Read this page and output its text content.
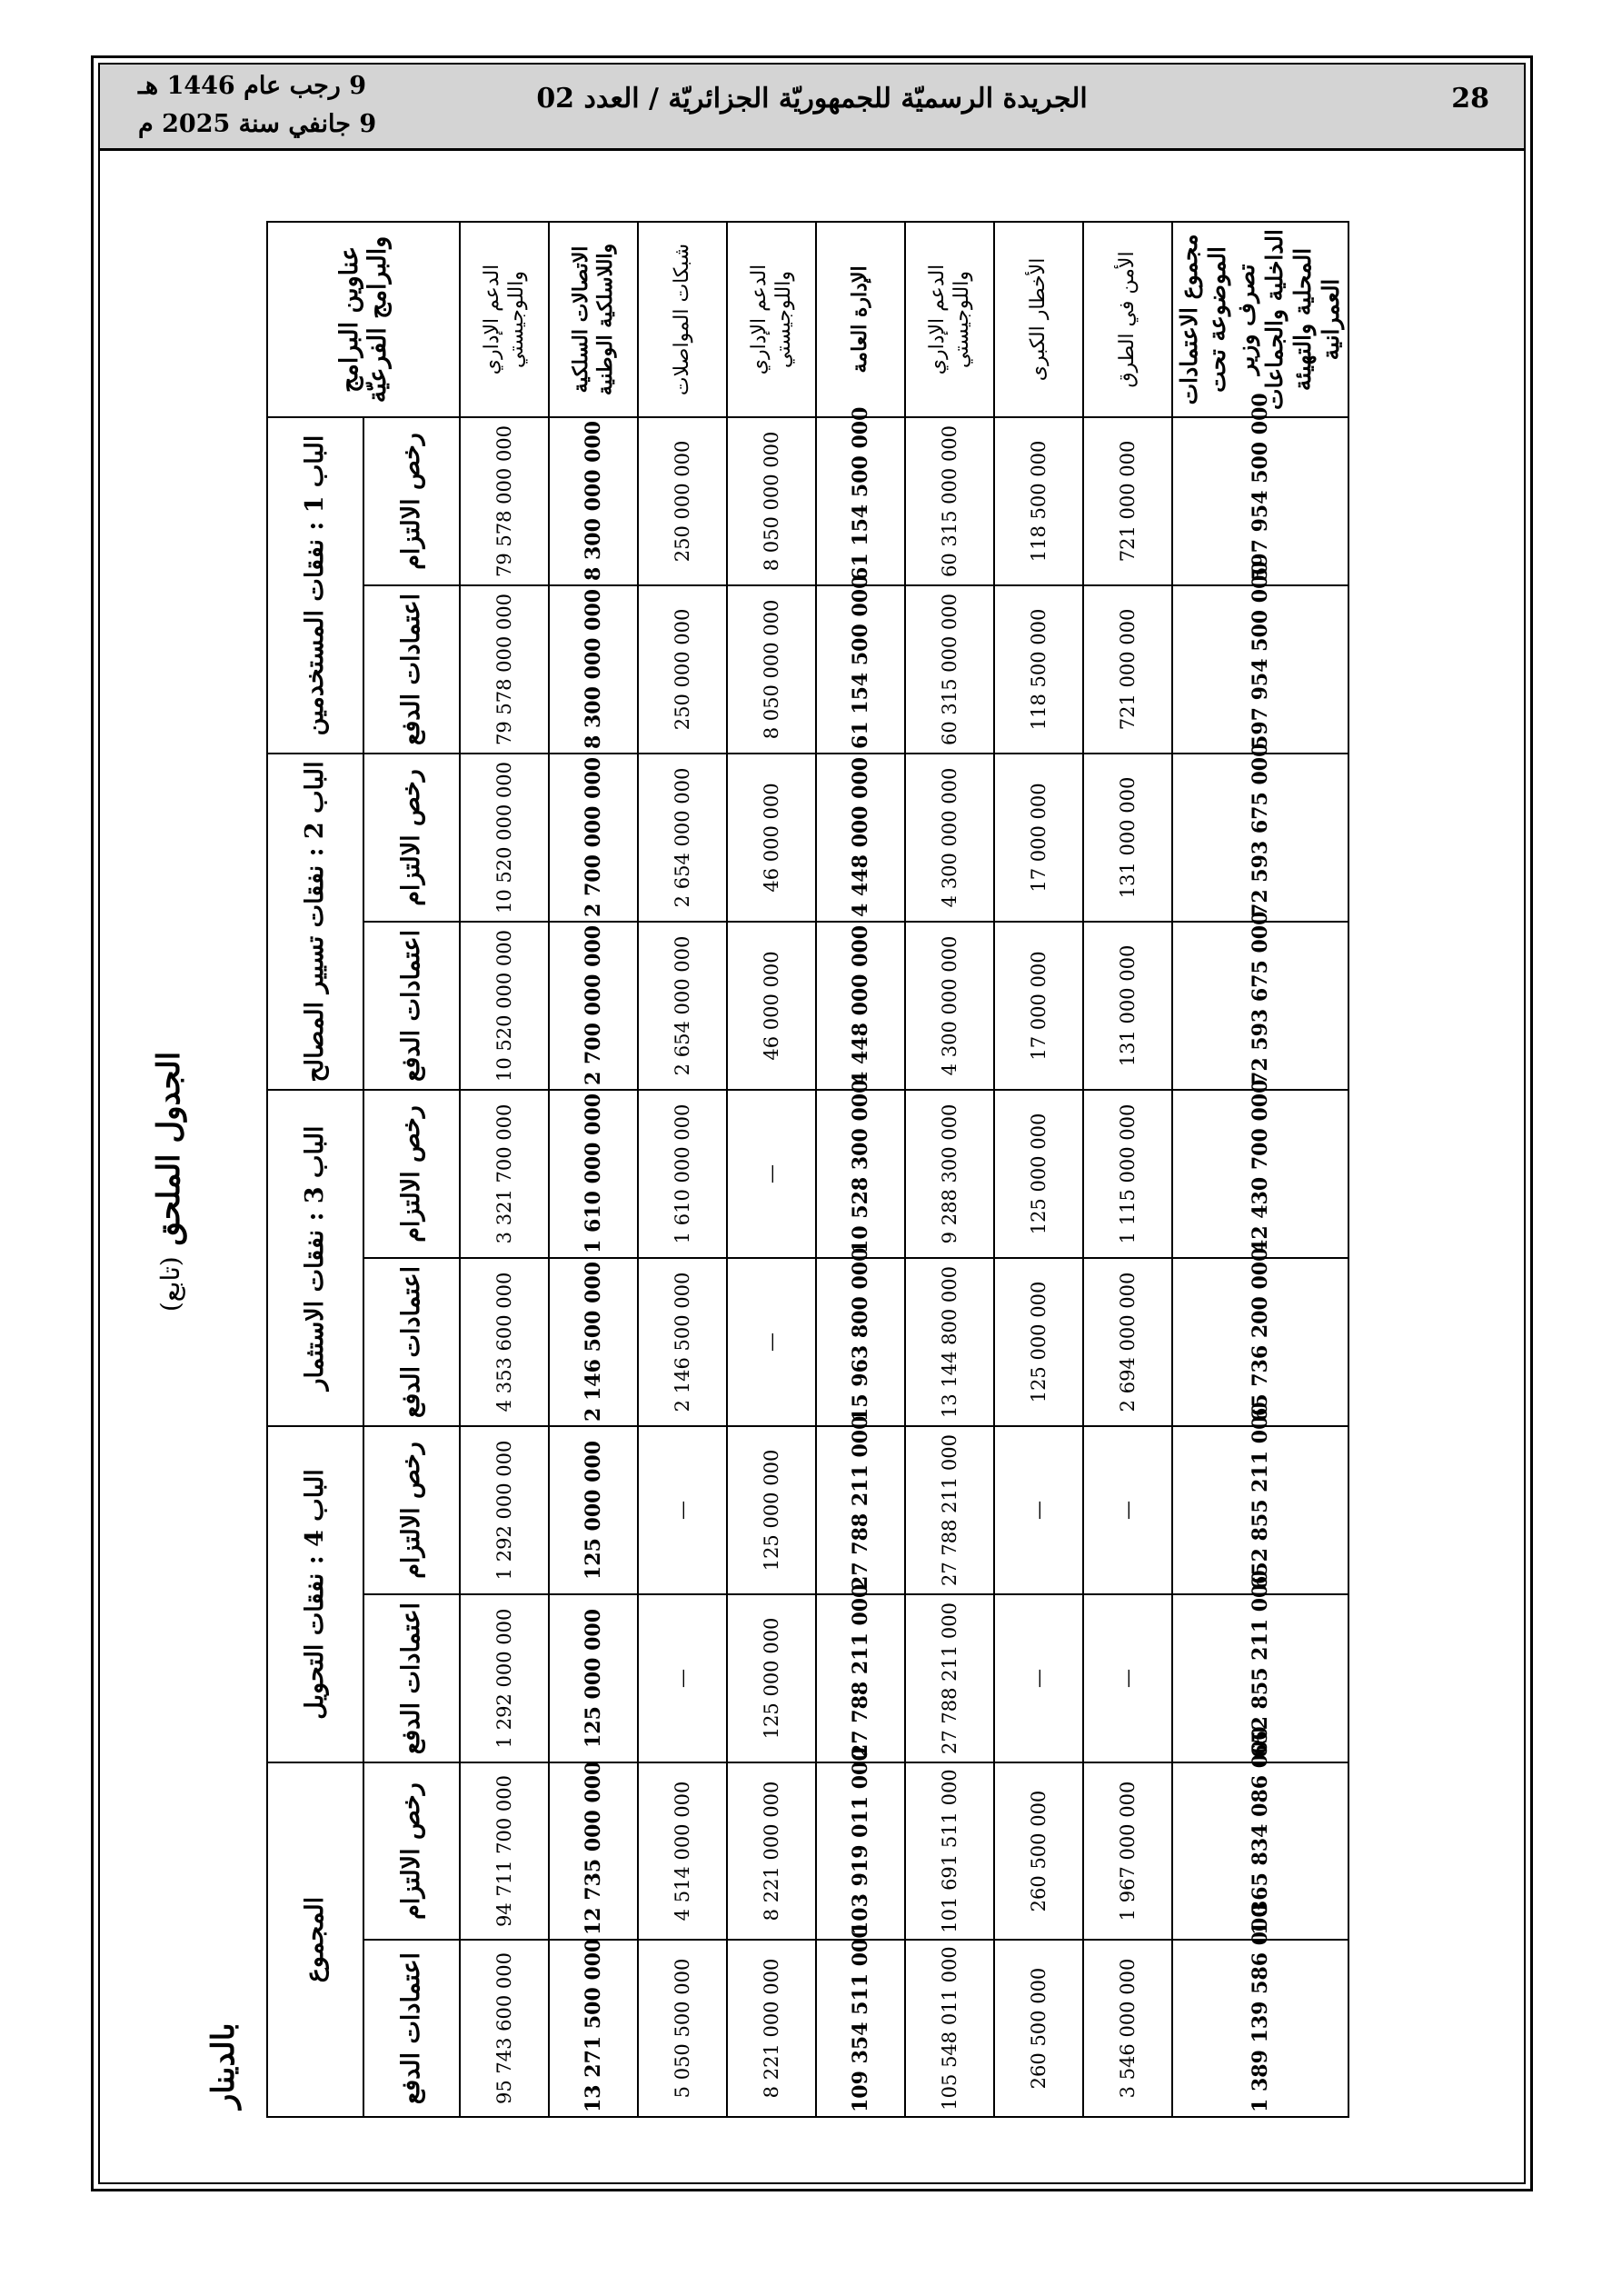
28
الجريدة الرسميّة للجمهوريّة الجزائريّة / العدد 02
9 رجب عام 1446 هـ
9 جانفي سنة 2025 م
الجدول الملحق (تابع)
بالدينار
عناوين البرامج والبرامج الفرعيّة	الباب 1 : نفقات المستخدمين		الباب 2 : نفقات تسيير المصالح		الباب 3 : نفقات الاستثمار		الباب 4 : نفقات التحويل		المجموع	
	رخص الالتزام	اعتمادات الدفع	رخص الالتزام	اعتمادات الدفع	رخص الالتزام	اعتمادات الدفع	رخص الالتزام	اعتمادات الدفع	رخص الالتزام	اعتمادات الدفع
الدعم الإداري واللوجيستي	79 578 000 000	79 578 000 000	10 520 000 000	10 520 000 000	3 321 700 000	4 353 600 000	1 292 000 000	1 292 000 000	94 711 700 000	95 743 600 000
الاتصالات السلكية واللاسلكية الوطنية	8 300 000 000	8 300 000 000	2 700 000 000	2 700 000 000	1 610 000 000	2 146 500 000	125 000 000	125 000 000	12 735 000 000	13 271 500 000
شبكات المواصلات	250 000 000	250 000 000	2 654 000 000	2 654 000 000	1 610 000 000	2 146 500 000	—	—	4 514 000 000	5 050 500 000
الدعم الإداري واللوجيستي	8 050 000 000	8 050 000 000	46 000 000	46 000 000	—	—	125 000 000	125 000 000	8 221 000 000	8 221 000 000
الإدارة العامة	61 154 500 000	61 154 500 000	4 448 000 000	4 448 000 000	10 528 300 000	15 963 800 000	27 788 211 000	27 788 211 000	103 919 011 000	109 354 511 000
الدعم الإداري واللوجيستي	60 315 000 000	60 315 000 000	4 300 000 000	4 300 000 000	9 288 300 000	13 144 800 000	27 788 211 000	27 788 211 000	101 691 511 000	105 548 011 000
الأخطار الكبرى	118 500 000	118 500 000	17 000 000	17 000 000	125 000 000	125 000 000	—	—	260 500 000	260 500 000
الأمن في الطرق	721 000 000	721 000 000	131 000 000	131 000 000	1 115 000 000	2 694 000 000	—	—	1 967 000 000	3 546 000 000
مجموع الاعتمادات الموضوعة تحت تصرف وزير الداخلية والجماعات المحلية والتهيئة العمرانية	597 954 500 000	597 954 500 000	72 593 675 000	72 593 675 000	42 430 700 000	65 736 200 000	652 855 211 000	652 855 211 000	1 365 834 086 000	1 389 139 586 000
